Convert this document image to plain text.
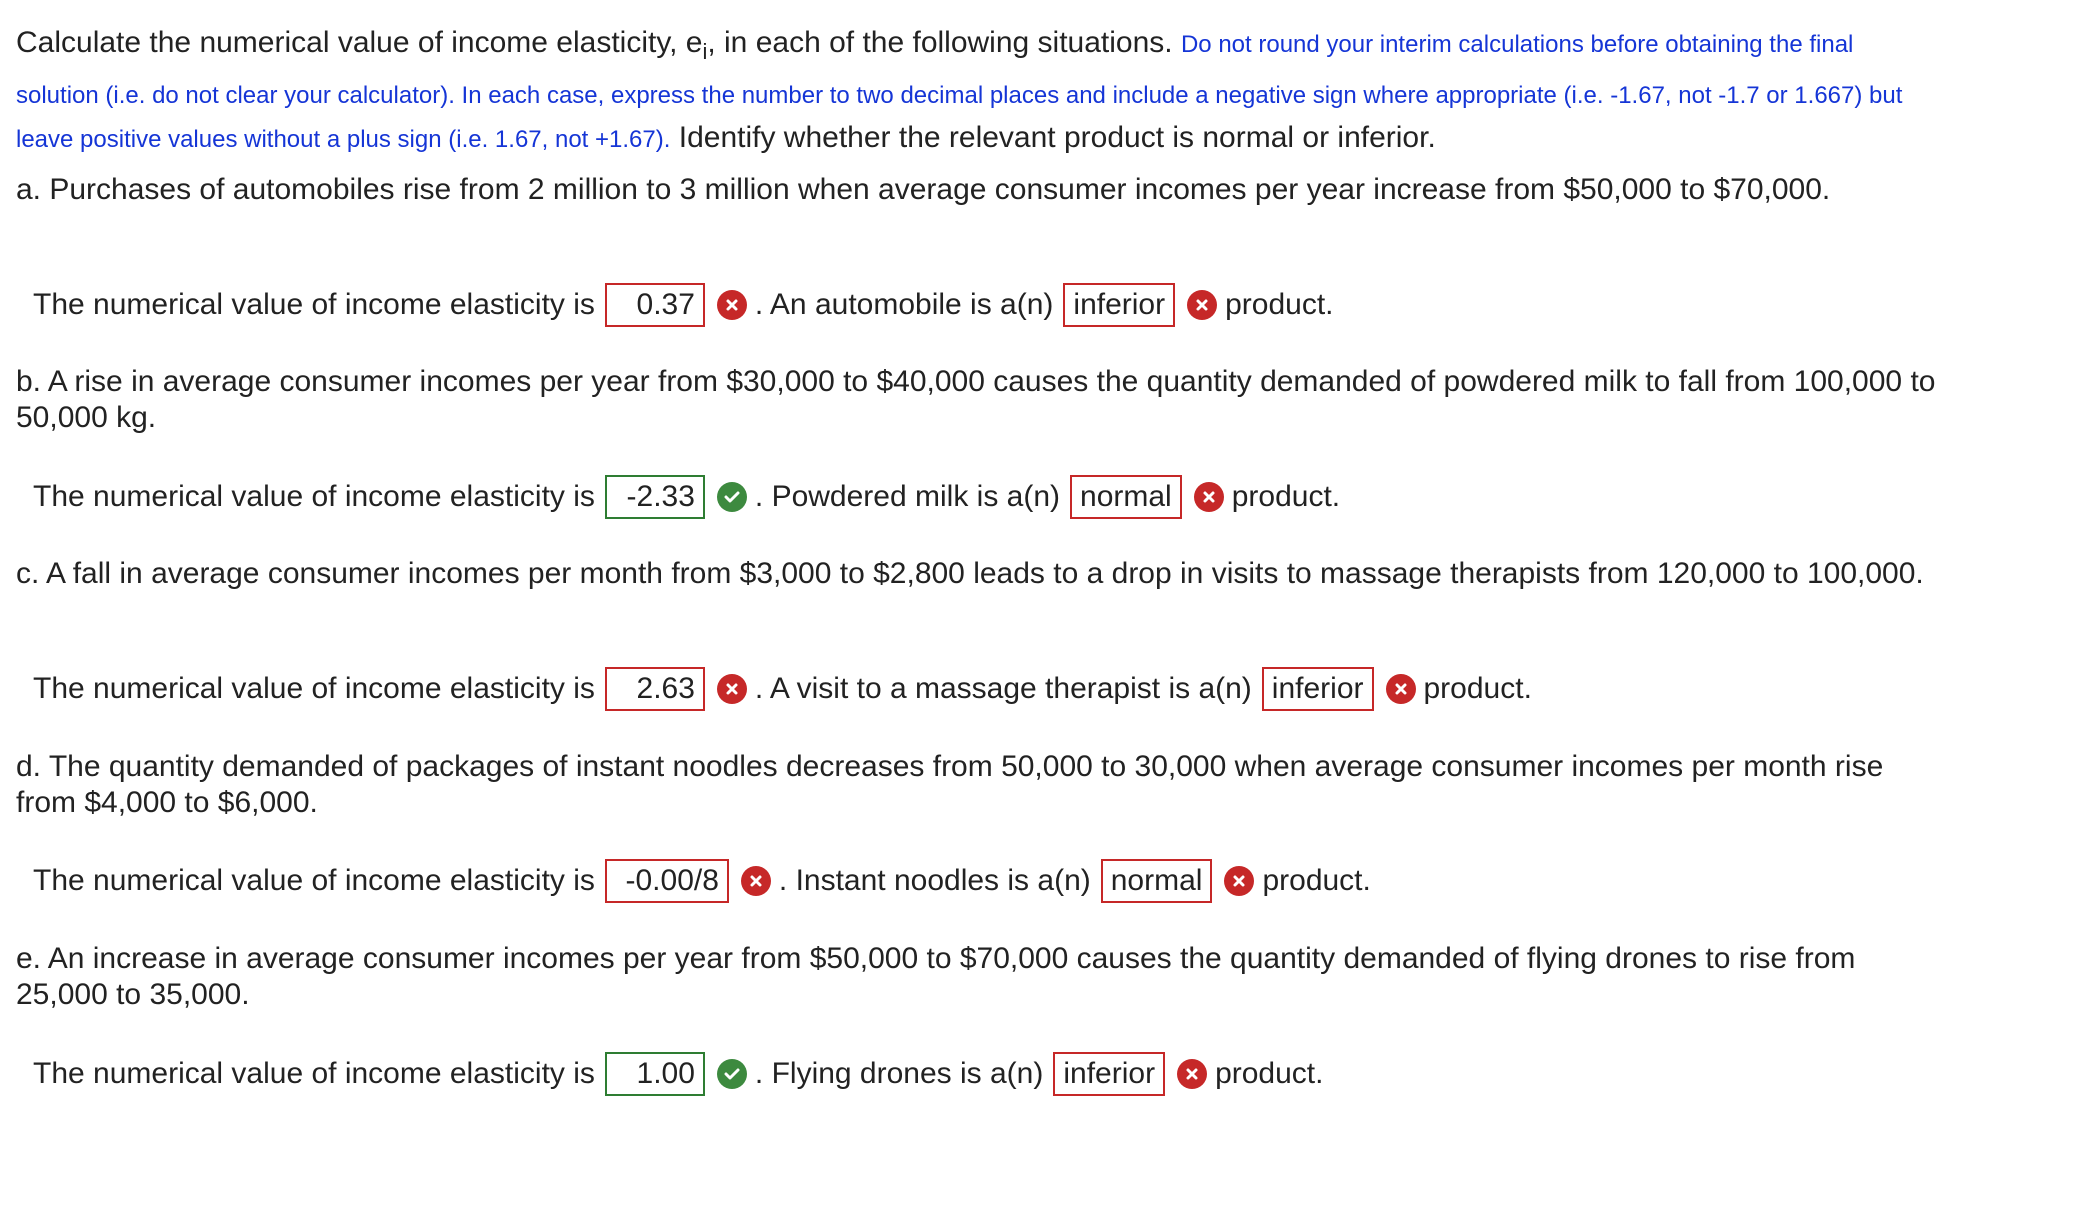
Calculate the numerical value of income elasticity, $e_i$, in each of the following situations. Do not round your interim calculations before obtaining the final solution (i.e. do not clear your calculator). In each case, express the number to two decimal places and include a negative sign where appropriate (i.e. -1.67, not -1.7 or 1.667) but leave positive values without a plus sign (i.e. 1.67, not +1.67). Identify whether the relevant product is normal or inferior.
a. Purchases of automobiles rise from 2 million to 3 million when average consumer incomes per year increase from $50,000 to $70,000.
The numerical value of income elasticity is	0.37	. An automobile is a(n) inferior	product.
b. A rise in average consumer incomes per year from $30,000 to $40,000 causes the quantity demanded of powdered milk to fall from 100,000 to 50,000 kg.
The numerical value of income elasticity is	-2.33	. Powdered milk is a(n) normal	product.
c. A fall in average consumer incomes per month from $3,000 to $2,800 leads to a drop in visits to massage therapists from 120,000 to 100,000.
The numerical value of income elasticity is	2.63	. A visit to a massage therapist is a(n) inferior	product.
d. The quantity demanded of packages of instant noodles decreases from 50,000 to 30,000 when average consumer incomes per month rise from $4,000 to $6,000.
The numerical value of income elasticity is	-0.00/8	. Instant noodles is a(n) normal	product.
e. An increase in average consumer incomes per year from $50,000 to $70,000 causes the quantity demanded of flying drones to rise from 25,000 to 35,000.
The numerical value of income elasticity is	1.00	. Flying drones is a(n) inferior	product.
